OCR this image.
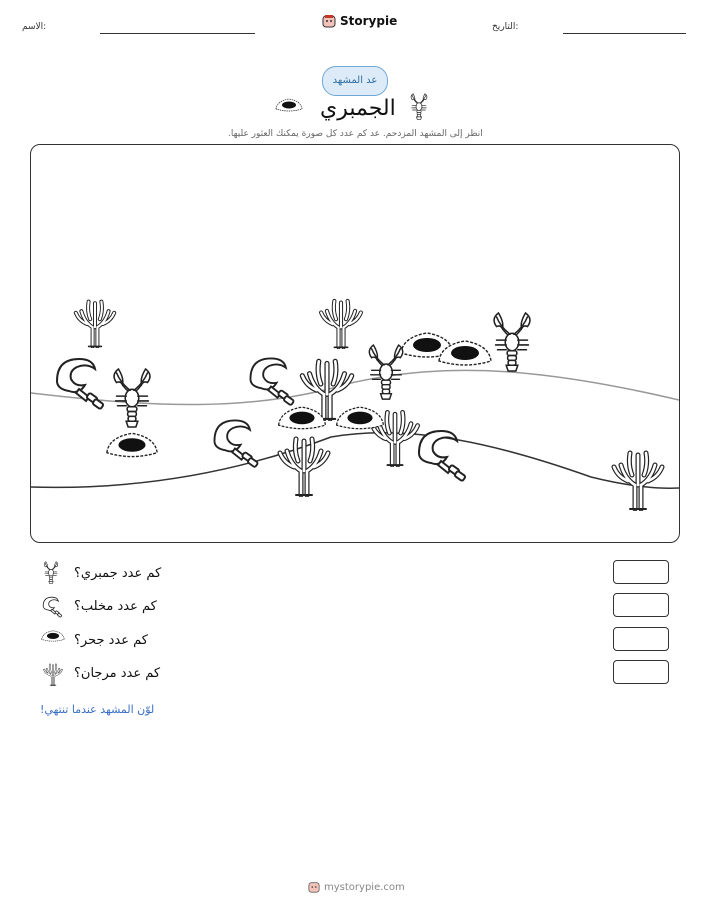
الاسم:	Storypie	التاريخ:
عد المشهد
الجمبري
انظر إلى المشهد المزدحم. عد كم عدد كل صورة يمكنك العثور عليها.
كم عدد جمبري؟
كم عدد مخلب؟
كم عدد جحر؟
كم عدد مرجان؟
لوّن المشهد عندما تنتهي!
mystorypie.com
